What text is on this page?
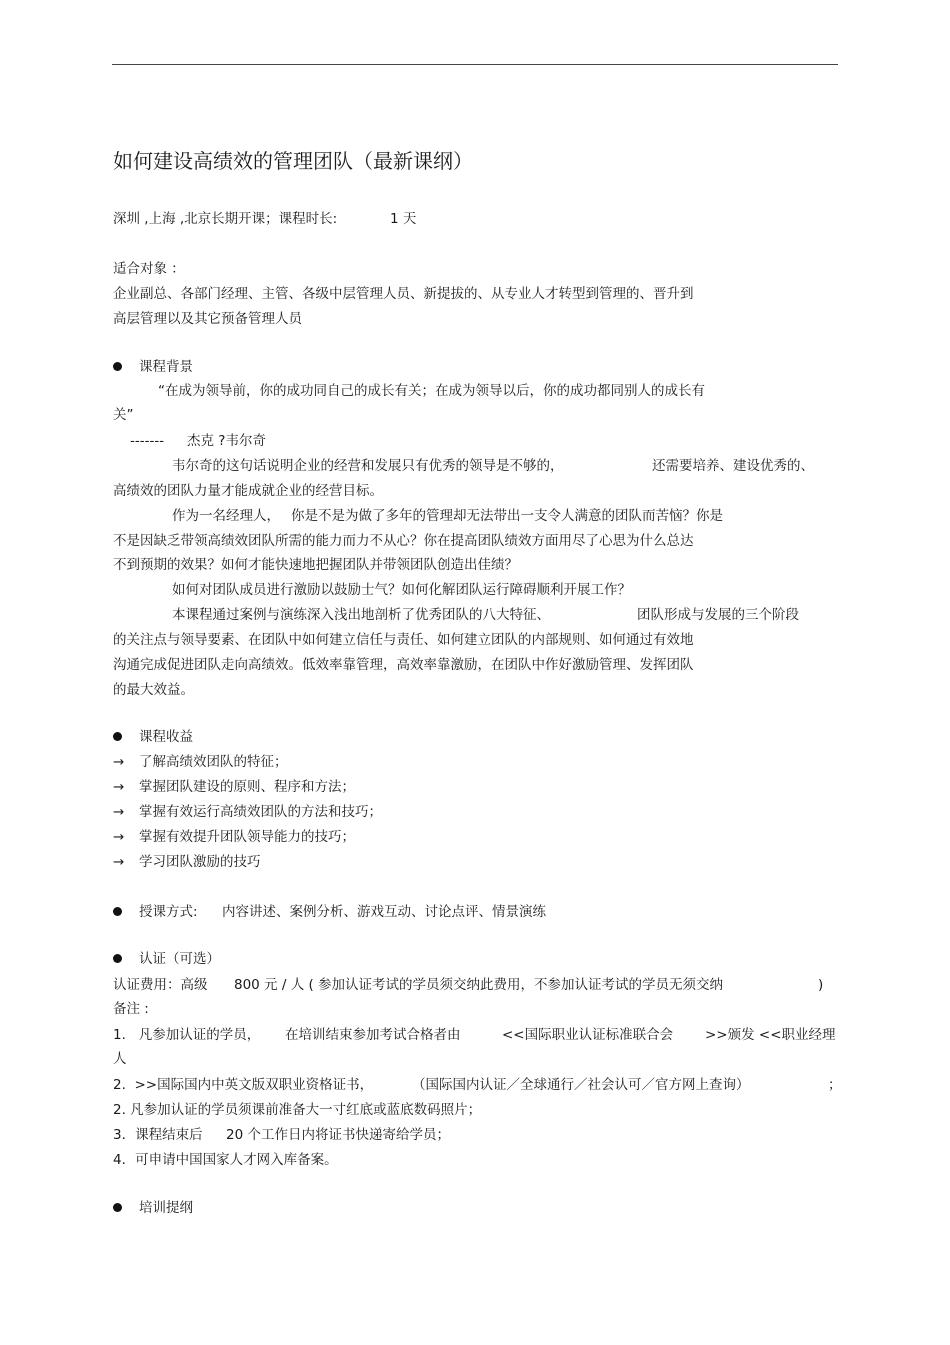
如何建设高绩效的管理团队（最新课纲）
深圳 ,上海 ,北京长期开课；课程时长:	1 天
适合对象 ：
企业副总、各部门经理、主管、各级中层管理人员、新提拔的、从专业人才转型到管理的、晋升到
高层管理以及其它预备管理人员
课程背景
“在成为领导前，你的成功同自己的成长有关；在成为领导以后，你的成功都同别人的成长有
关”
------- 杰克 ?韦尔奇
韦尔奇的这句话说明企业的经营和发展只有优秀的领导是不够的，	还需要培养、建设优秀的、
高绩效的团队力量才能成就企业的经营目标。
作为一名经理人， 你是不是为做了多年的管理却无法带出一支令人满意的团队而苦恼？你是
不是因缺乏带领高绩效团队所需的能力而力不从心？你在提高团队绩效方面用尽了心思为什么总达
不到预期的效果？如何才能快速地把握团队并带领团队创造出佳绩？
如何对团队成员进行激励以鼓励士气？如何化解团队运行障碍顺利开展工作？
本课程通过案例与演练深入浅出地剖析了优秀团队的八大特征、	团队形成与发展的三个阶段
的关注点与领导要素、在团队中如何建立信任与责任、如何建立团队的内部规则、如何通过有效地
沟通完成促进团队走向高绩效。低效率靠管理，高效率靠激励，在团队中作好激励管理、发挥团队
的最大效益。
课程收益
→ 了解高绩效团队的特征；
→ 掌握团队建设的原则、程序和方法；
→ 掌握有效运行高绩效团队的方法和技巧；
→ 掌握有效提升团队领导能力的技巧；
→ 学习团队激励的技巧
授课方式: 内容讲述、案例分析、游戏互动、讨论点评、情景演练
认证（可选）
认证费用：高级 800 元 / 人 ( 参加认证考试的学员须交纳此费用，不参加认证考试的学员无须交纳	)
备注 :
1.   凡参加认证的学员， 在培训结束参加考试合格者由	<<国际职业认证标准联合会 >>颁发 <<职业经理
人
2.  >>国际国内中英文版双职业资格证书，	（国际国内认证／全球通行／社会认可／官方网上查询）	；
2. 凡参加认证的学员须课前准备大一寸红底或蓝底数码照片；
3．课程结束后 20 个工作日内将证书快递寄给学员；
4．可申请中国国家人才网入库备案。
培训提纲
